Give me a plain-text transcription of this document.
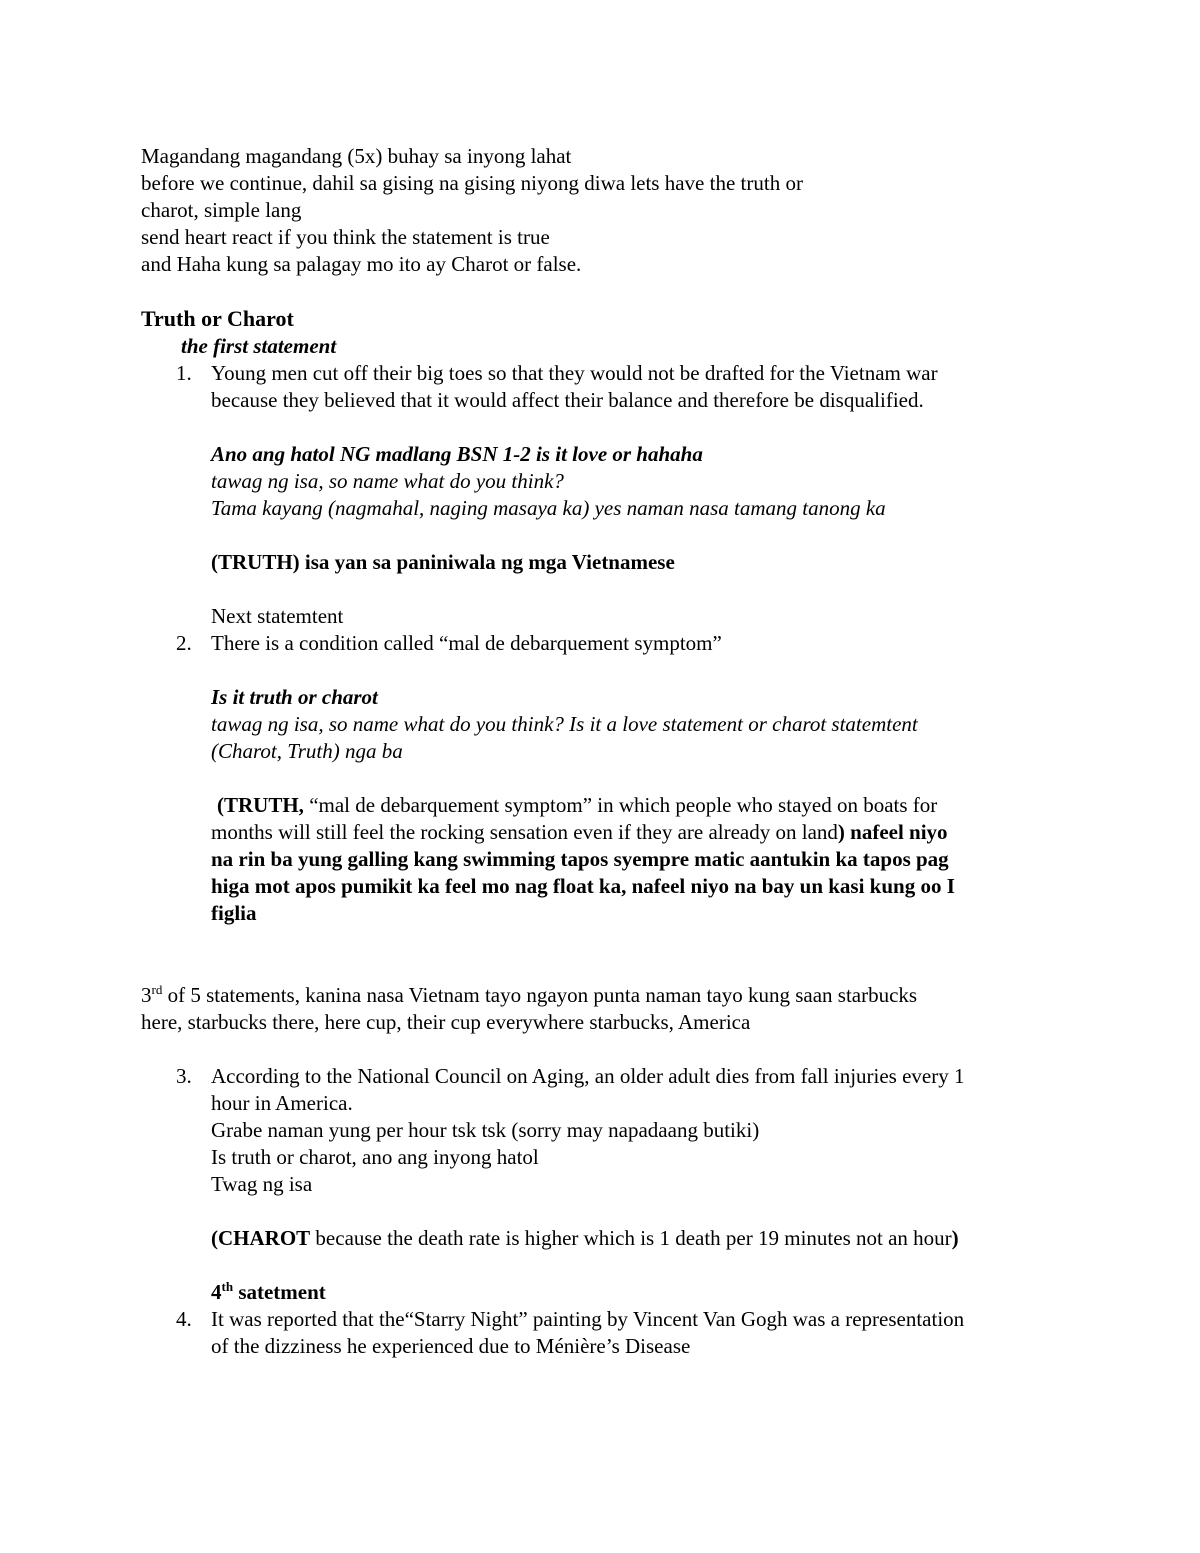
Magandang magandang (5x) buhay sa inyong lahat
before we continue, dahil sa gising na gising niyong diwa lets have the truth or
charot, simple lang
send heart react if you think the statement is true
and Haha kung sa palagay mo ito ay Charot or false.
Truth or Charot
the first statement
1. Young men cut off their big toes so that they would not be drafted for the Vietnam war
because they believed that it would affect their balance and therefore be disqualified.
Ano ang hatol NG madlang BSN 1-2 is it love or hahaha
tawag ng isa, so name what do you think?
Tama kayang (nagmahal, naging masaya ka) yes naman nasa tamang tanong ka
(TRUTH) isa yan sa paniniwala ng mga Vietnamese
Next statemtent
2. There is a condition called “mal de debarquement symptom”
Is it truth or charot
tawag ng isa, so name what do you think? Is it a love statement or charot statemtent
(Charot, Truth) nga ba
(TRUTH, “mal de debarquement symptom” in which people who stayed on boats for
months will still feel the rocking sensation even if they are already on land) nafeel niyo
na rin ba yung galling kang swimming tapos syempre matic aantukin ka tapos pag
higa mot apos pumikit ka feel mo nag float ka, nafeel niyo na bay un kasi kung oo I
figlia
3rd of 5 statements, kanina nasa Vietnam tayo ngayon punta naman tayo kung saan starbucks
here, starbucks there, here cup, their cup everywhere starbucks, America
3. According to the National Council on Aging, an older adult dies from fall injuries every 1
hour in America.
Grabe naman yung per hour tsk tsk (sorry may napadaang butiki)
Is truth or charot, ano ang inyong hatol
Twag ng isa
(CHAROT because the death rate is higher which is 1 death per 19 minutes not an hour)
4th satetment
4. It was reported that the“Starry Night” painting by Vincent Van Gogh was a representation
of the dizziness he experienced due to Ménière’s Disease
